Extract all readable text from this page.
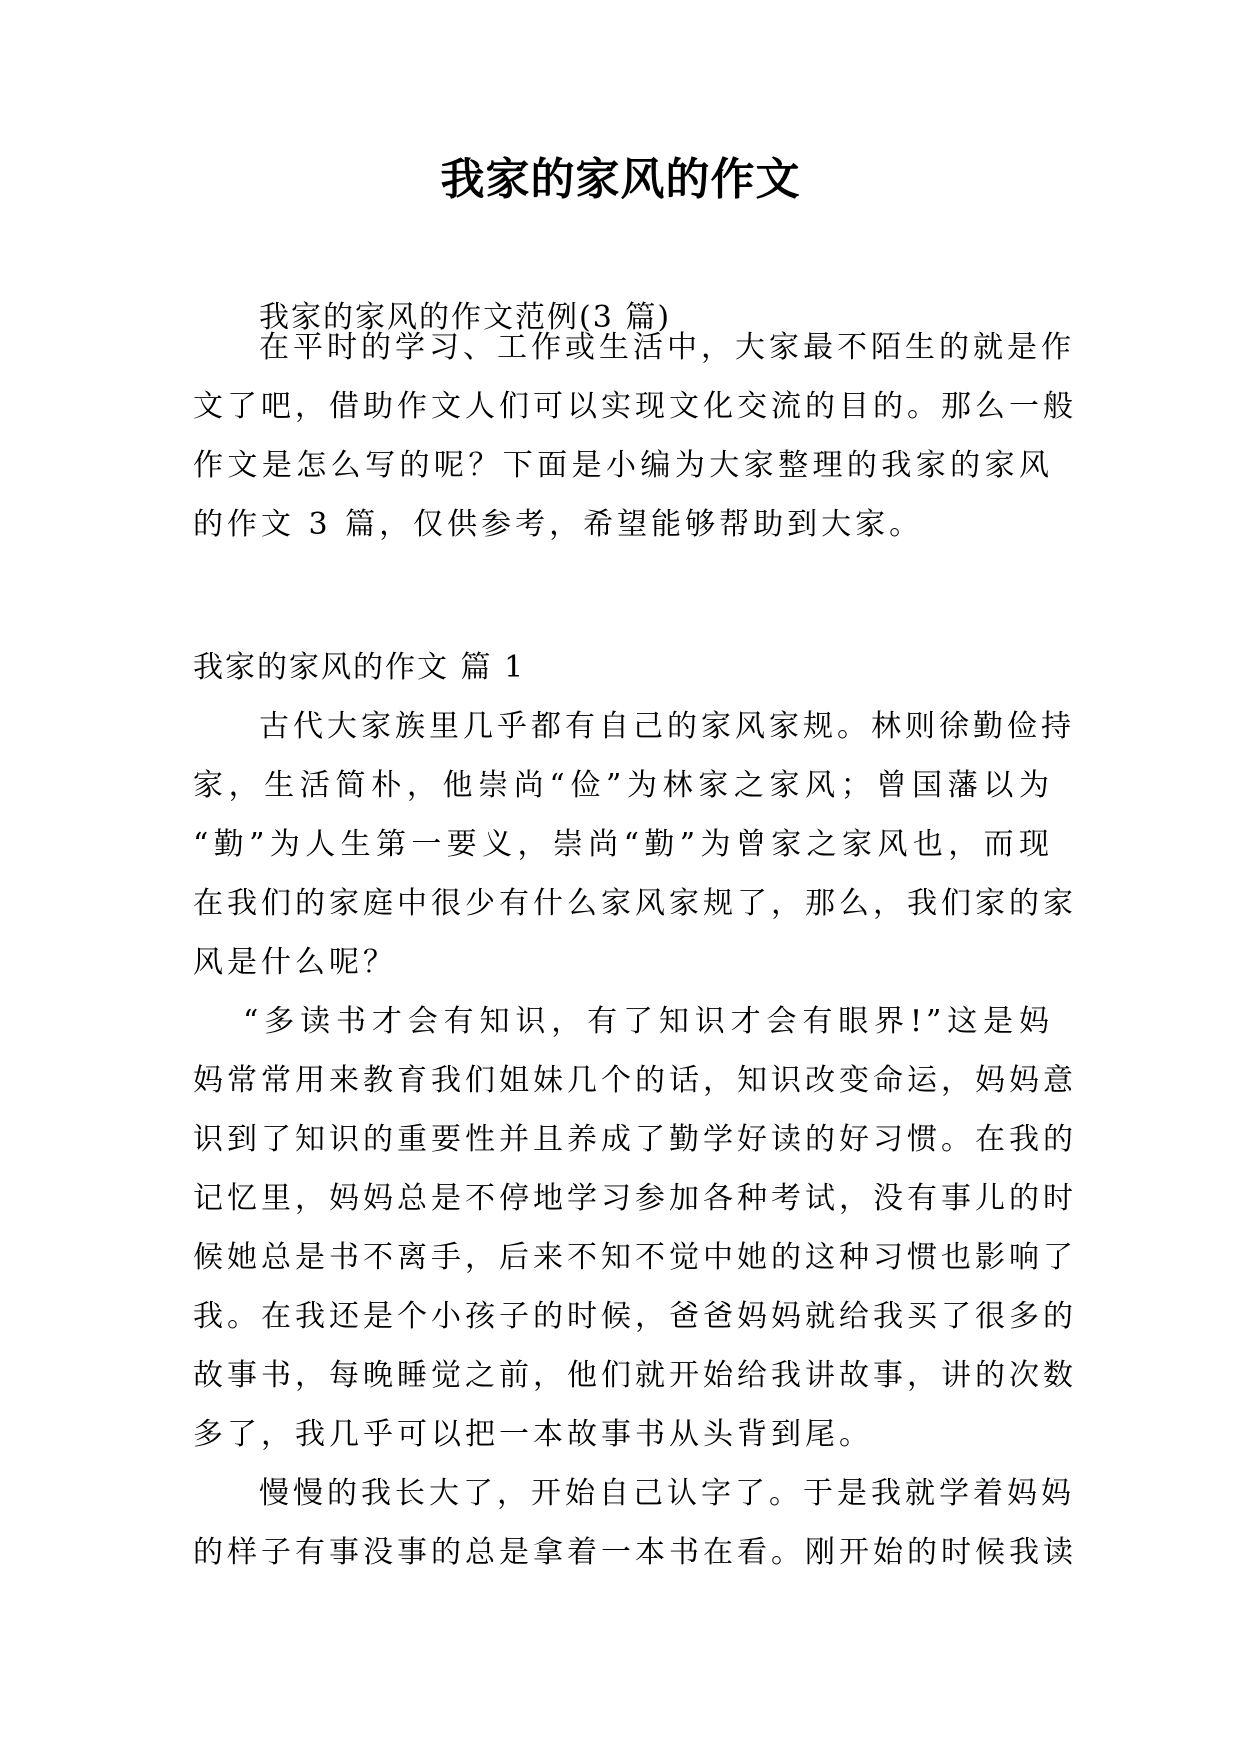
我家的家风的作文

我家的家风的作文范例(3 篇)

在平时的学习、工作或生活中，大家最不陌生的就是作
文了吧，借助作文人们可以实现文化交流的目的。那么一般
作文是怎么写的呢？下面是小编为大家整理的我家的家风
的作文 3 篇，仅供参考，希望能够帮助到大家。

我家的家风的作文 篇 1

古代大家族里几乎都有自己的家风家规。林则徐勤俭持
家，生活简朴，他崇尚“俭”为林家之家风；曾国藩以为
“勤”为人生第一要义，崇尚“勤”为曾家之家风也，而现
在我们的家庭中很少有什么家风家规了，那么，我们家的家
风是什么呢？
“多读书才会有知识，有了知识才会有眼界!”这是妈
妈常常用来教育我们姐妹几个的话，知识改变命运，妈妈意
识到了知识的重要性并且养成了勤学好读的好习惯。在我的
记忆里，妈妈总是不停地学习参加各种考试，没有事儿的时
候她总是书不离手，后来不知不觉中她的这种习惯也影响了
我。在我还是个小孩子的时候，爸爸妈妈就给我买了很多的
故事书，每晚睡觉之前，他们就开始给我讲故事，讲的次数
多了，我几乎可以把一本故事书从头背到尾。
慢慢的我长大了，开始自己认字了。于是我就学着妈妈
的样子有事没事的总是拿着一本书在看。刚开始的时候我读
